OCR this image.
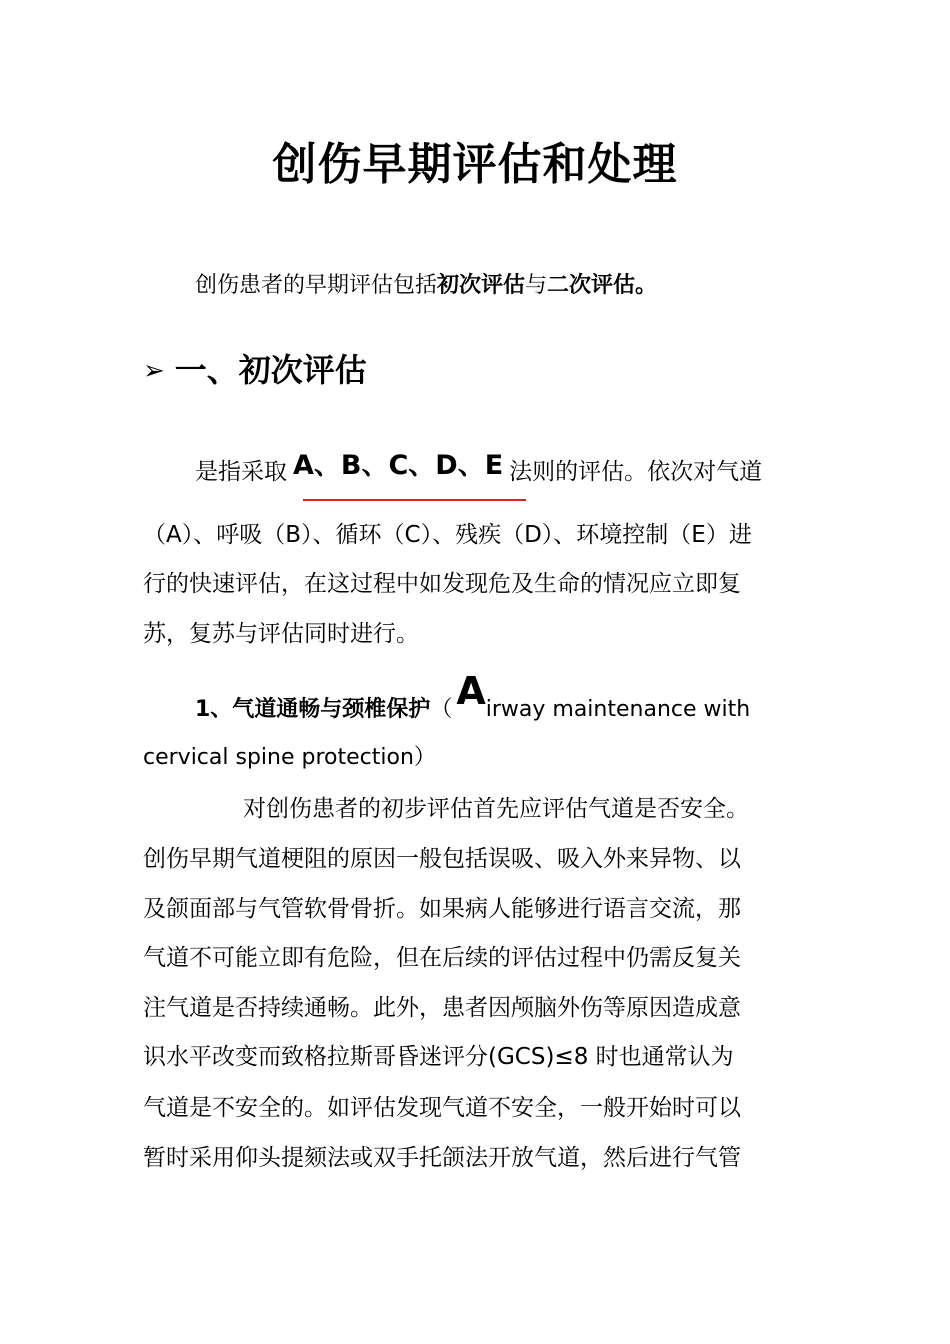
创伤早期评估和处理
创伤患者的早期评估包括初次评估与二次评估。
➢ 一、初次评估
是指采取 A、B、C、D、E 法则的评估。依次对气道
（A）、呼吸（B）、循环（C）、残疾（D）、环境控制（E）进
行的快速评估，在这过程中如发现危及生命的情况应立即复
苏，复苏与评估同时进行。
1、气道通畅与颈椎保护（ Airway maintenance with
cervical spine protection）
对创伤患者的初步评估首先应评估气道是否安全。
创伤早期气道梗阻的原因一般包括误吸、吸入外来异物、以
及颌面部与气管软骨骨折。如果病人能够进行语言交流，那
气道不可能立即有危险，但在后续的评估过程中仍需反复关
注气道是否持续通畅。此外，患者因颅脑外伤等原因造成意
识水平改变而致格拉斯哥昏迷评分(GCS)≤8 时也通常认为
气道是不安全的。如评估发现气道不安全，一般开始时可以
暂时采用仰头提颏法或双手托颌法开放气道，然后进行气管
